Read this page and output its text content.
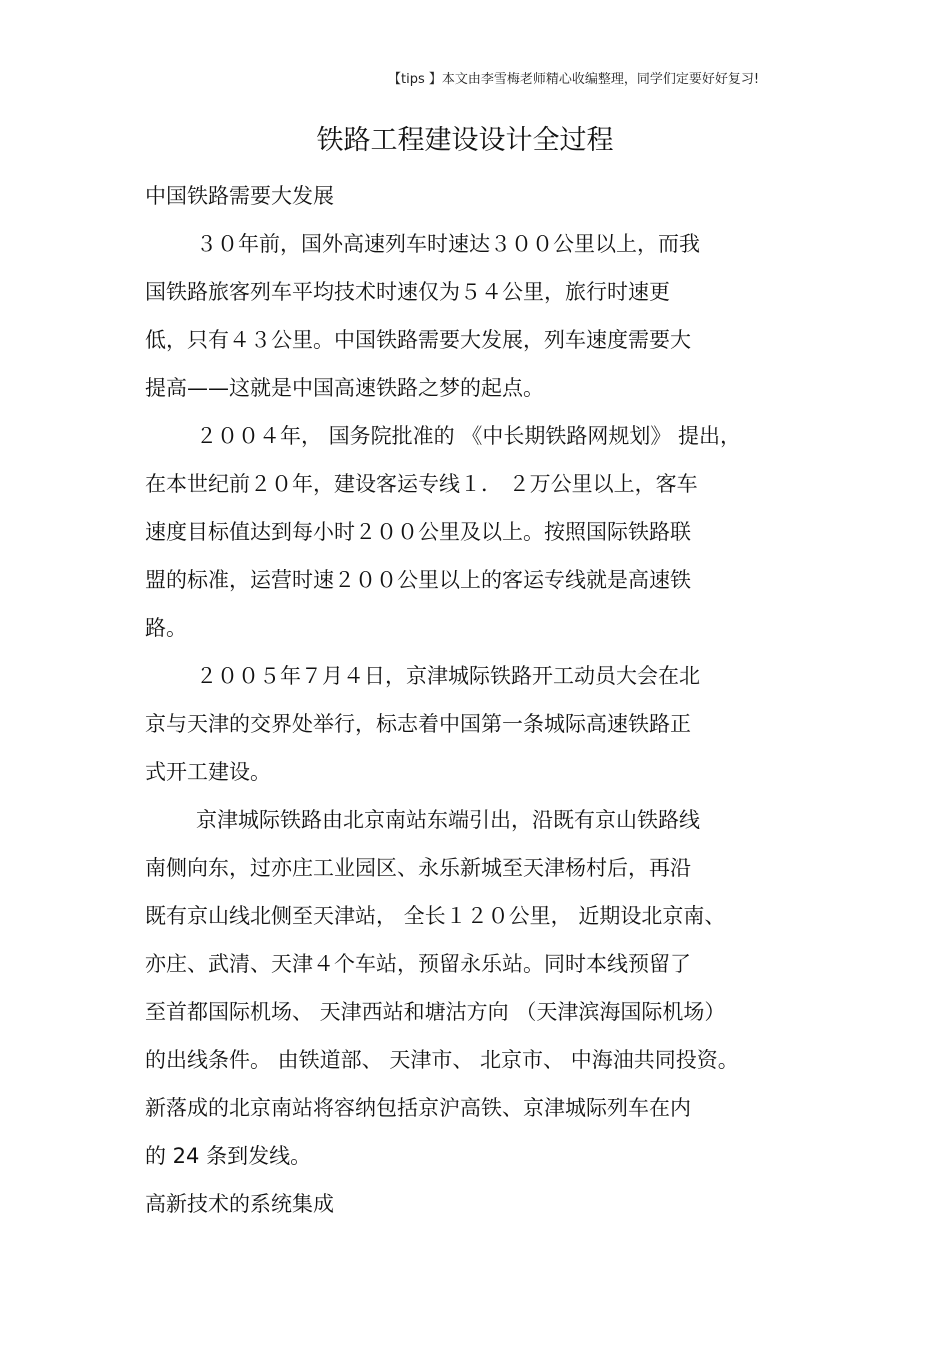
【tips 】本文由李雪梅老师精心收编整理，同学们定要好好复习!
铁路工程建设设计全过程
中国铁路需要大发展
３０年前，国外高速列车时速达３００公里以上，而我
国铁路旅客列车平均技术时速仅为５４公里，旅行时速更
低，只有４３公里。中国铁路需要大发展，列车速度需要大
提高——这就是中国高速铁路之梦的起点。
２００４年， 国务院批准的 《中长期铁路网规划》 提出，
在本世纪前２０年，建设客运专线１． ２万公里以上，客车
速度目标值达到每小时２００公里及以上。按照国际铁路联
盟的标准，运营时速２００公里以上的客运专线就是高速铁
路。
２００５年７月４日，京津城际铁路开工动员大会在北
京与天津的交界处举行，标志着中国第一条城际高速铁路正
式开工建设。
京津城际铁路由北京南站东端引出，沿既有京山铁路线
南侧向东，过亦庄工业园区、永乐新城至天津杨村后，再沿
既有京山线北侧至天津站， 全长１２０公里， 近期设北京南、
亦庄、武清、天津４个车站，预留永乐站。同时本线预留了
至首都国际机场、 天津西站和塘沽方向 （天津滨海国际机场）
的出线条件。 由铁道部、 天津市、 北京市、 中海油共同投资。
新落成的北京南站将容纳包括京沪高铁、京津城际列车在内
的 24 条到发线。
高新技术的系统集成
